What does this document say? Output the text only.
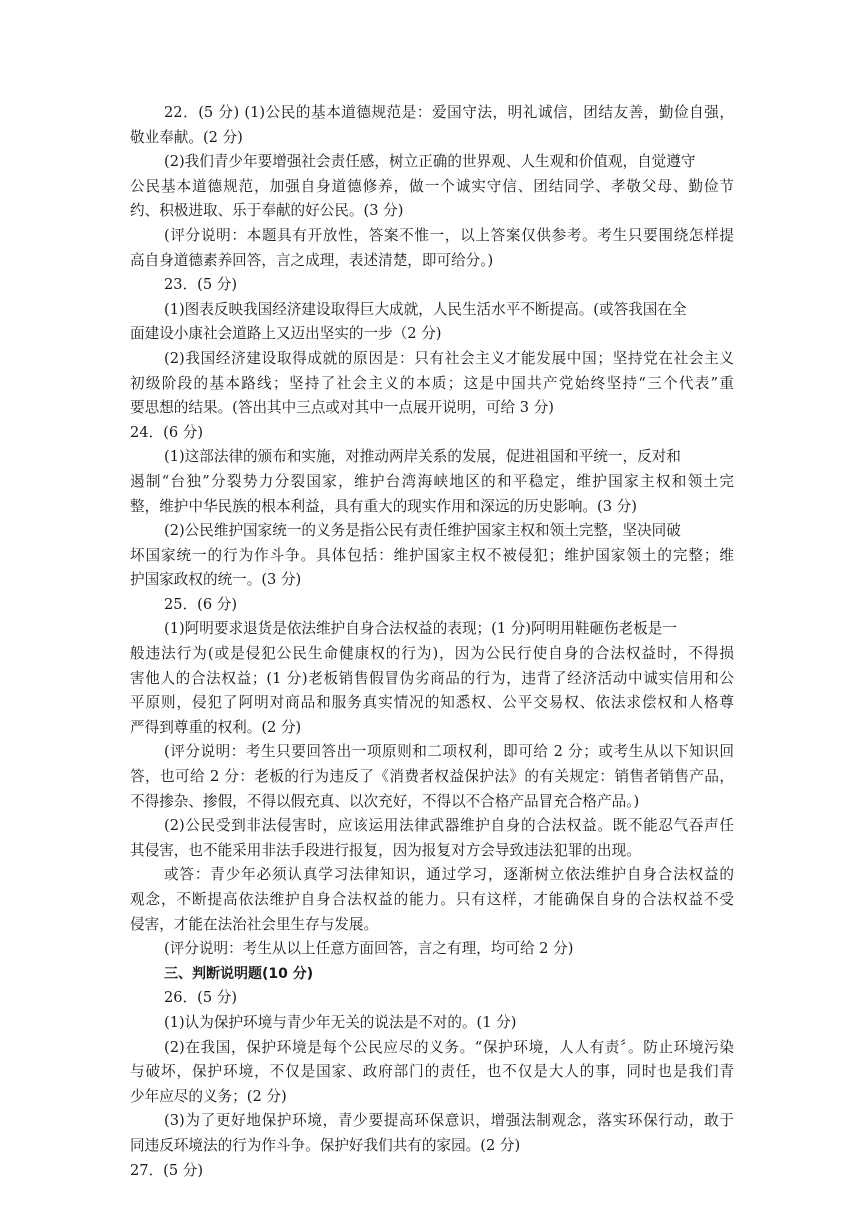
22．(5 分) (1)公民的基本道德规范是：爱国守法，明礼诚信，团结友善，勤俭自强，
敬业奉献。(2 分)
(2)我们青少年要增强社会责任感，树立正确的世界观、人生观和价值观，自觉遵守
公民基本道德规范，加强自身道德修养，做一个诚实守信、团结同学、孝敬父母、勤俭节
约、积极进取、乐于奉献的好公民。(3 分)
(评分说明：本题具有开放性，答案不惟一，以上答案仅供参考。考生只要围绕怎样提
高自身道德素养回答，言之成理，表述清楚，即可给分。)
23．(5 分)
(1)图表反映我国经济建设取得巨大成就，人民生活水平不断提高。(或答我国在全
面建设小康社会道路上又迈出坚实的一步（2 分)
(2)我国经济建设取得成就的原因是：只有社会主义才能发展中国；坚持党在社会主义
初级阶段的基本路线；坚持了社会主义的本质；这是中国共产党始终坚持“三个代表”重
要思想的结果。(答出其中三点或对其中一点展开说明，可给 3 分)
24．(6 分)
(1)这部法律的颁布和实施，对推动两岸关系的发展，促进祖国和平统一，反对和
遏制“台独”分裂势力分裂国家，维护台湾海峡地区的和平稳定，维护国家主权和领土完
整，维护中华民族的根本利益，具有重大的现实作用和深远的历史影响。(3 分)
(2)公民维护国家统一的义务是指公民有责任维护国家主权和领土完整，坚决同破
坏国家统一的行为作斗争。具体包括：维护国家主权不被侵犯；维护国家领土的完整；维
护国家政权的统一。(3 分)
25．(6 分)
(1)阿明要求退货是依法维护自身合法权益的表现；(1 分)阿明用鞋砸伤老板是一
般违法行为(或是侵犯公民生命健康权的行为)，因为公民行使自身的合法权益时，不得损
害他人的合法权益；(1 分)老板销售假冒伪劣商品的行为，违背了经济活动中诚实信用和公
平原则，侵犯了阿明对商品和服务真实情况的知悉权、公平交易权、依法求偿权和人格尊
严得到尊重的权利。(2 分)
(评分说明：考生只要回答出一项原则和二项权利，即可给 2 分；或考生从以下知识回
答，也可给 2 分：老板的行为违反了《消费者权益保护法》的有关规定：销售者销售产品，
不得掺杂、掺假，不得以假充真、以次充好，不得以不合格产品冒充合格产品。)
(2)公民受到非法侵害时，应该运用法律武器维护自身的合法权益。既不能忍气吞声任
其侵害，也不能采用非法手段进行报复，因为报复对方会导致违法犯罪的出现。
或答：青少年必须认真学习法律知识，通过学习，逐渐树立依法维护自身合法权益的
观念，不断提高依法维护自身合法权益的能力。只有这样，才能确保自身的合法权益不受
侵害，才能在法治社会里生存与发展。
(评分说明：考生从以上任意方面回答，言之有理，均可给 2 分)
三、判断说明题(10 分)
26．(5 分)
(1)认为保护环境与青少年无关的说法是不对的。(1 分)
(2)在我国，保护环境是每个公民应尽的义务。“保护环境，人人有责〞。防止环境污染
与破坏，保护环境，不仅是国家、政府部门的责任，也不仅是大人的事，同时也是我们青
少年应尽的义务；(2 分)
(3)为了更好地保护环境，青少要提高环保意识，增强法制观念，落实环保行动，敢于
同违反环境法的行为作斗争。保护好我们共有的家园。(2 分)
27．(5 分)
